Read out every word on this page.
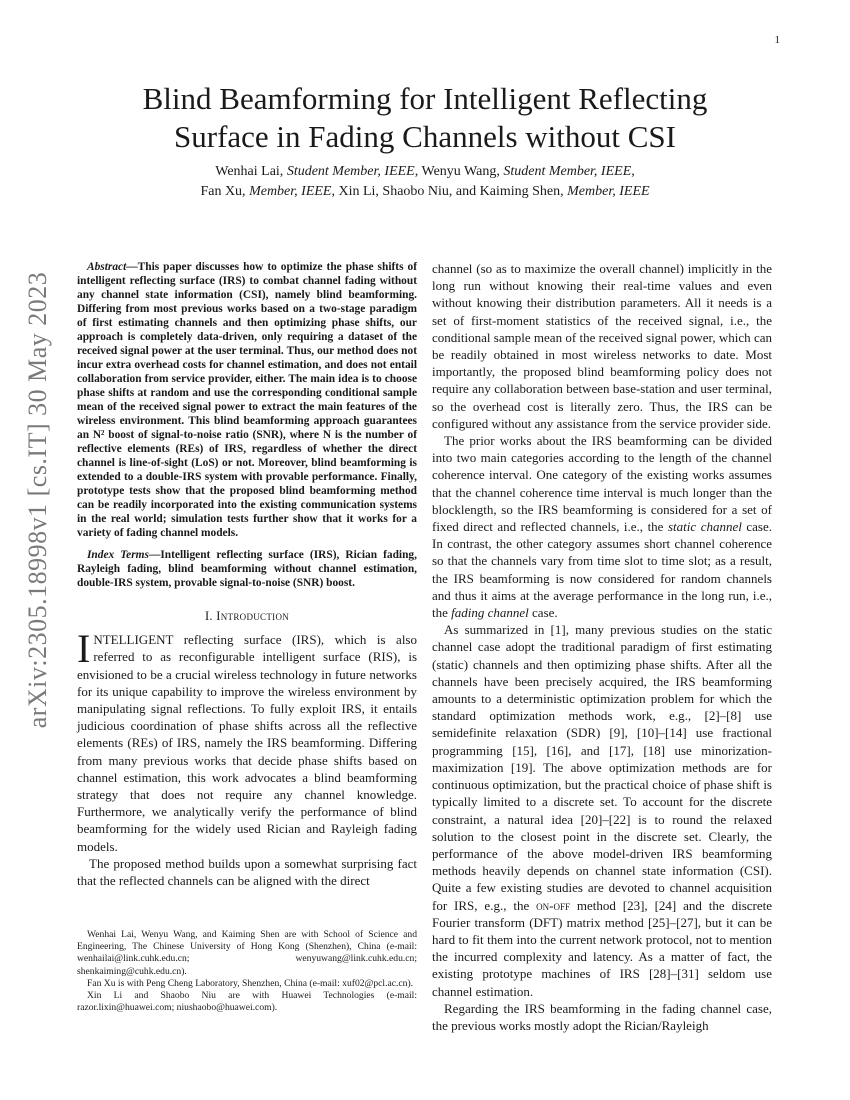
1
arXiv:2305.18998v1 [cs.IT] 30 May 2023
Blind Beamforming for Intelligent Reflecting
Surface in Fading Channels without CSI
Wenhai Lai, Student Member, IEEE, Wenyu Wang, Student Member, IEEE,
Fan Xu, Member, IEEE, Xin Li, Shaobo Niu, and Kaiming Shen, Member, IEEE

Abstract—This paper discusses how to optimize the phase shifts of intelligent reflecting surface (IRS) to combat channel fading without any channel state information (CSI), namely blind beamforming. Differing from most previous works based on a two-stage paradigm of first estimating channels and then optimizing phase shifts, our approach is completely data-driven, only requiring a dataset of the received signal power at the user terminal. Thus, our method does not incur extra overhead costs for channel estimation, and does not entail collaboration from service provider, either. The main idea is to choose phase shifts at random and use the corresponding conditional sample mean of the received signal power to extract the main features of the wireless environment. This blind beamforming approach guarantees an N² boost of signal-to-noise ratio (SNR), where N is the number of reflective elements (REs) of IRS, regardless of whether the direct channel is line-of-sight (LoS) or not. Moreover, blind beamforming is extended to a double-IRS system with provable performance. Finally, prototype tests show that the proposed blind beamforming method can be readily incorporated into the existing communication systems in the real world; simulation tests further show that it works for a variety of fading channel models.

Index Terms—Intelligent reflecting surface (IRS), Rician fading, Rayleigh fading, blind beamforming without channel estimation, double-IRS system, provable signal-to-noise (SNR) boost.

I. Introduction

INTELLIGENT reflecting surface (IRS), which is also referred to as reconfigurable intelligent surface (RIS), is envisioned to be a crucial wireless technology in future networks for its unique capability to improve the wireless environment by manipulating signal reflections. To fully exploit IRS, it entails judicious coordination of phase shifts across all the reflective elements (REs) of IRS, namely the IRS beamforming. Differing from many previous works that decide phase shifts based on channel estimation, this work advocates a blind beamforming strategy that does not require any channel knowledge. Furthermore, we analytically verify the performance of blind beamforming for the widely used Rician and Rayleigh fading models.

The proposed method builds upon a somewhat surprising fact that the reflected channels can be aligned with the direct

Wenhai Lai, Wenyu Wang, and Kaiming Shen are with School of Science and Engineering, The Chinese University of Hong Kong (Shenzhen), China (e-mail: wenhailai@link.cuhk.edu.cn; wenyuwang@link.cuhk.edu.cn; shenkaiming@cuhk.edu.cn).

Fan Xu is with Peng Cheng Laboratory, Shenzhen, China (e-mail: xuf02@pcl.ac.cn).

Xin Li and Shaobo Niu are with Huawei Technologies (e-mail: razor.lixin@huawei.com; niushaobo@huawei.com).

channel (so as to maximize the overall channel) implicitly in the long run without knowing their real-time values and even without knowing their distribution parameters. All it needs is a set of first-moment statistics of the received signal, i.e., the conditional sample mean of the received signal power, which can be readily obtained in most wireless networks to date. Most importantly, the proposed blind beamforming policy does not require any collaboration between base-station and user terminal, so the overhead cost is literally zero. Thus, the IRS can be configured without any assistance from the service provider side.

The prior works about the IRS beamforming can be divided into two main categories according to the length of the channel coherence interval. One category of the existing works assumes that the channel coherence time interval is much longer than the blocklength, so the IRS beamforming is considered for a set of fixed direct and reflected channels, i.e., the static channel case. In contrast, the other category assumes short channel coherence so that the channels vary from time slot to time slot; as a result, the IRS beamforming is now considered for random channels and thus it aims at the average performance in the long run, i.e., the fading channel case.

As summarized in [1], many previous studies on the static channel case adopt the traditional paradigm of first estimating (static) channels and then optimizing phase shifts. After all the channels have been precisely acquired, the IRS beamforming amounts to a deterministic optimization problem for which the standard optimization methods work, e.g., [2]–[8] use semidefinite relaxation (SDR) [9], [10]–[14] use fractional programming [15], [16], and [17], [18] use minorization-maximization [19]. The above optimization methods are for continuous optimization, but the practical choice of phase shift is typically limited to a discrete set. To account for the discrete constraint, a natural idea [20]–[22] is to round the relaxed solution to the closest point in the discrete set. Clearly, the performance of the above model-driven IRS beamforming methods heavily depends on channel state information (CSI). Quite a few existing studies are devoted to channel acquisition for IRS, e.g., the on-off method [23], [24] and the discrete Fourier transform (DFT) matrix method [25]–[27], but it can be hard to fit them into the current network protocol, not to mention the incurred complexity and latency. As a matter of fact, the existing prototype machines of IRS [28]–[31] seldom use channel estimation.

Regarding the IRS beamforming in the fading channel case, the previous works mostly adopt the Rician/Rayleigh
